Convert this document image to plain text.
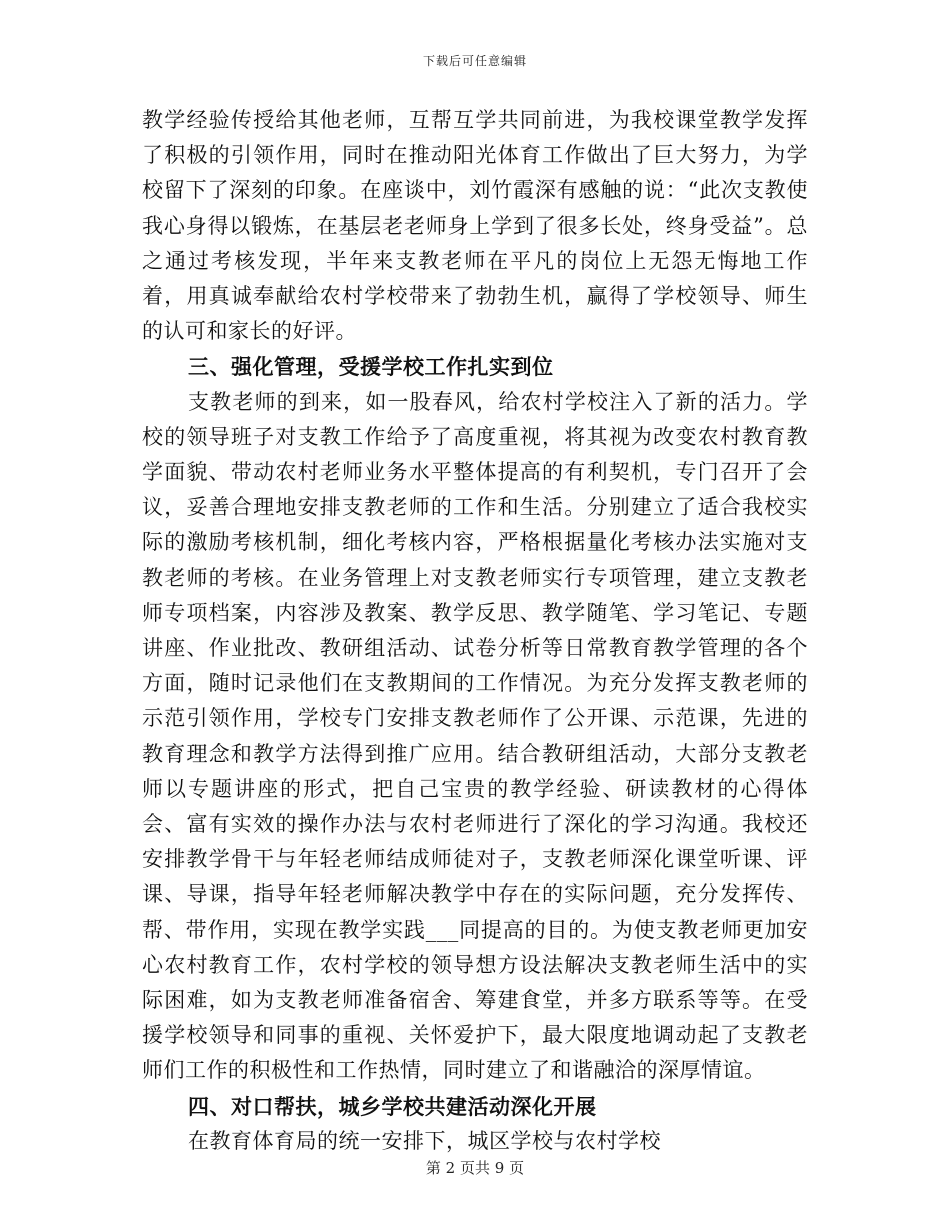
下载后可任意编辑

教学经验传授给其他老师，互帮互学共同前进，为我校课堂教学发挥了积极的引领作用，同时在推动阳光体育工作做出了巨大努力，为学校留下了深刻的印象。在座谈中，刘竹霞深有感触的说：“此次支教使我心身得以锻炼，在基层老老师身上学到了很多长处，终身受益”。总之通过考核发现，半年来支教老师在平凡的岗位上无怨无悔地工作着，用真诚奉献给农村学校带来了勃勃生机，赢得了学校领导、师生的认可和家长的好评。

三、强化管理，受援学校工作扎实到位

支教老师的到来，如一股春风，给农村学校注入了新的活力。学校的领导班子对支教工作给予了高度重视，将其视为改变农村教育教学面貌、带动农村老师业务水平整体提高的有利契机，专门召开了会议，妥善合理地安排支教老师的工作和生活。分别建立了适合我校实际的激励考核机制，细化考核内容，严格根据量化考核办法实施对支教老师的考核。在业务管理上对支教老师实行专项管理，建立支教老师专项档案，内容涉及教案、教学反思、教学随笔、学习笔记、专题讲座、作业批改、教研组活动、试卷分析等日常教育教学管理的各个方面，随时记录他们在支教期间的工作情况。为充分发挥支教老师的示范引领作用，学校专门安排支教老师作了公开课、示范课，先进的教育理念和教学方法得到推广应用。结合教研组活动，大部分支教老师以专题讲座的形式，把自己宝贵的教学经验、研读教材的心得体会、富有实效的操作办法与农村老师进行了深化的学习沟通。我校还安排教学骨干与年轻老师结成师徒对子，支教老师深化课堂听课、评课、导课，指导年轻老师解决教学中存在的实际问题，充分发挥传、帮、带作用，实现在教学实践___同提高的目的。为使支教老师更加安心农村教育工作，农村学校的领导想方设法解决支教老师生活中的实际困难，如为支教老师准备宿舍、筹建食堂，并多方联系等等。在受援学校领导和同事的重视、关怀爱护下，最大限度地调动起了支教老师们工作的积极性和工作热情，同时建立了和谐融洽的深厚情谊。

四、对口帮扶，城乡学校共建活动深化开展

在教育体育局的统一安排下，城区学校与农村学校

第 2 页共 9 页
